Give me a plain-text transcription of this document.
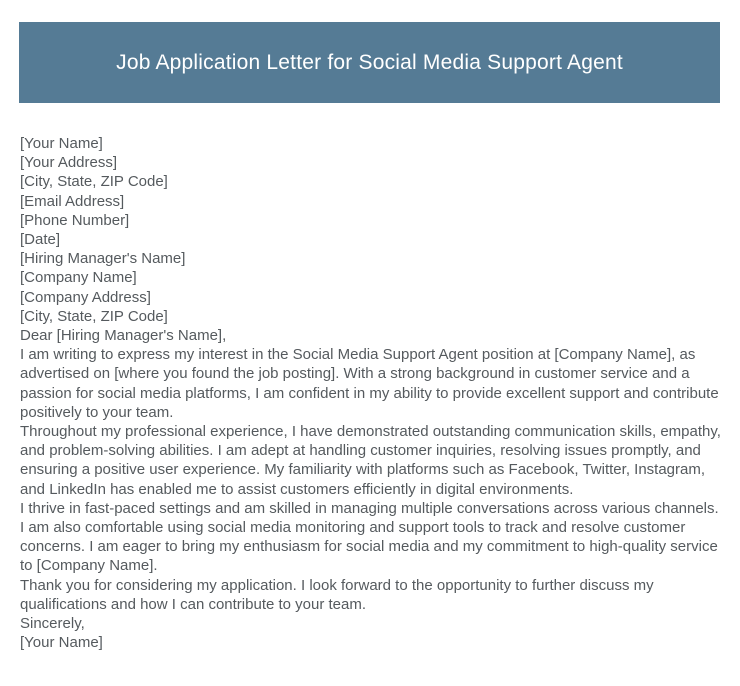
Job Application Letter for Social Media Support Agent
[Your Name]
[Your Address]
[City, State, ZIP Code]
[Email Address]
[Phone Number]
[Date]
[Hiring Manager's Name]
[Company Name]
[Company Address]
[City, State, ZIP Code]
Dear [Hiring Manager's Name],

I am writing to express my interest in the Social Media Support Agent position at [Company Name], as advertised on [where you found the job posting]. With a strong background in customer service and a passion for social media platforms, I am confident in my ability to provide excellent support and contribute positively to your team.

Throughout my professional experience, I have demonstrated outstanding communication skills, empathy, and problem-solving abilities. I am adept at handling customer inquiries, resolving issues promptly, and ensuring a positive user experience. My familiarity with platforms such as Facebook, Twitter, Instagram, and LinkedIn has enabled me to assist customers efficiently in digital environments.

I thrive in fast-paced settings and am skilled in managing multiple conversations across various channels. I am also comfortable using social media monitoring and support tools to track and resolve customer concerns. I am eager to bring my enthusiasm for social media and my commitment to high-quality service to [Company Name].

Thank you for considering my application. I look forward to the opportunity to further discuss my qualifications and how I can contribute to your team.

Sincerely,
[Your Name]
